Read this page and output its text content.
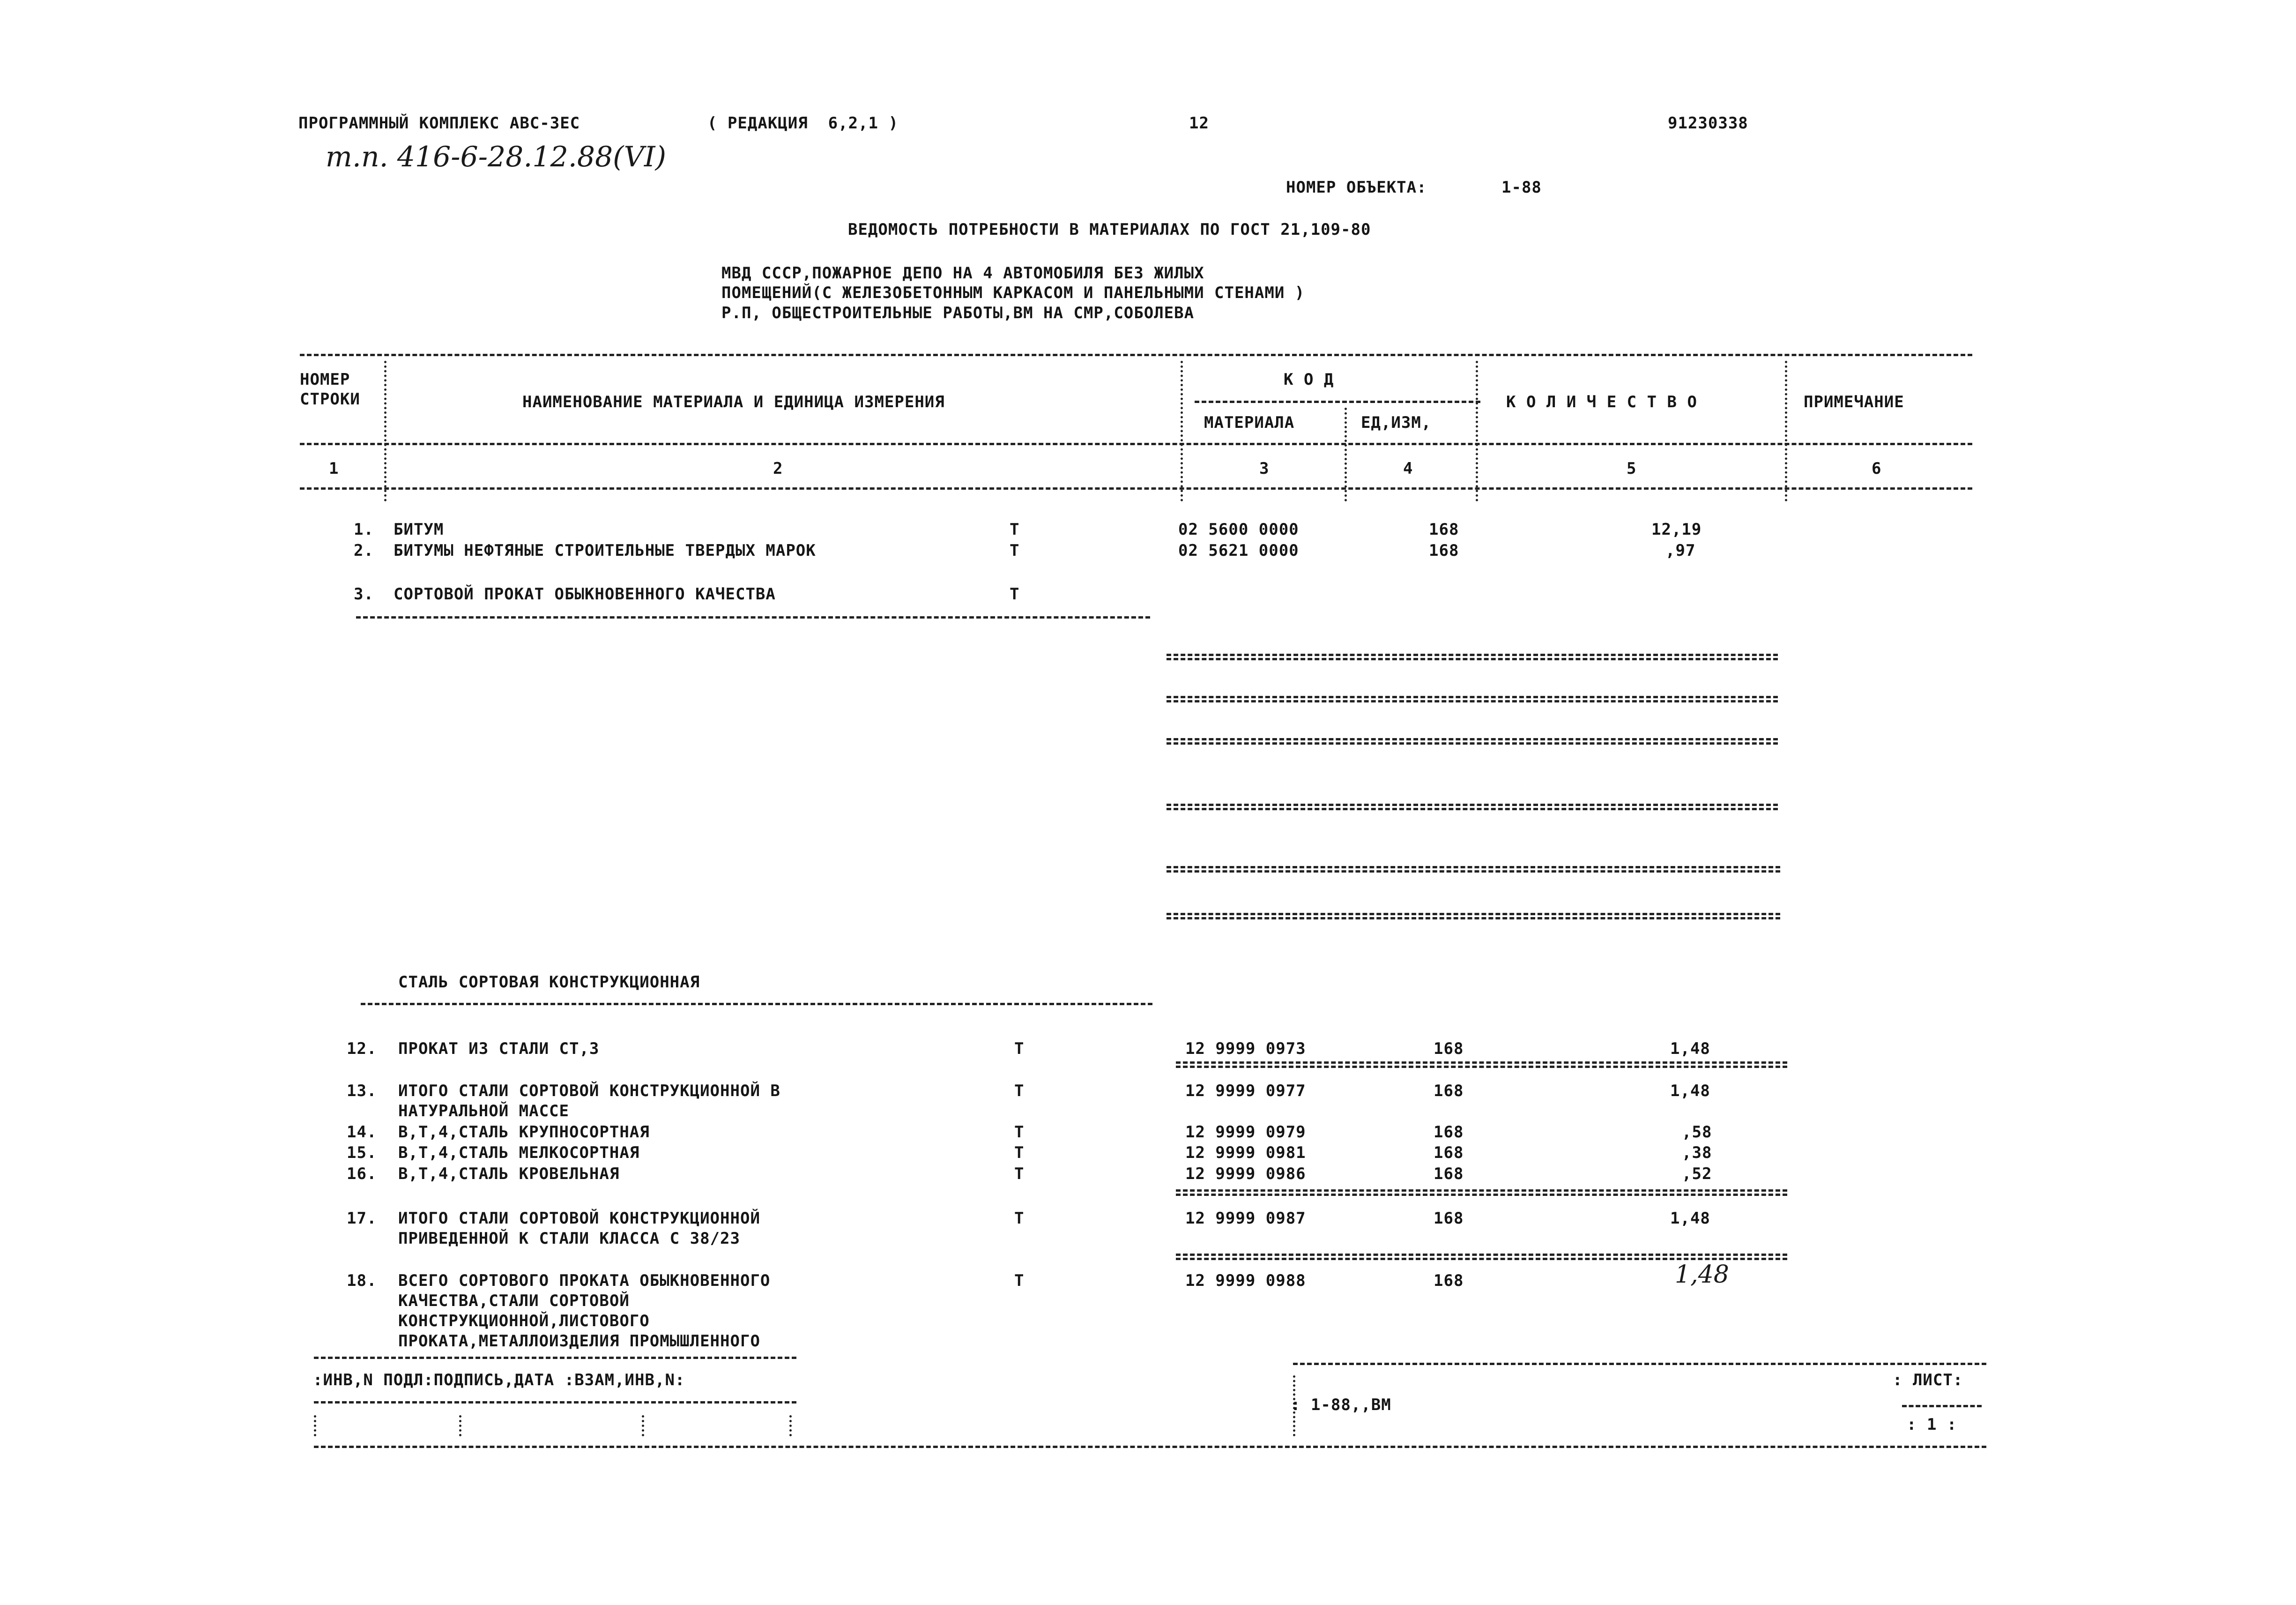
ПРОГРАММНЫЙ КОМПЛЕКС АВС-3ЕС	( РЕДАКЦИЯ  6,2,1 )	12	91230338
т.п. 416-6-28.12.88(VI)
НОМЕР ОБЪЕКТА:	1-88
ВЕДОМОСТЬ ПОТРЕБНОСТИ В МАТЕРИАЛАХ ПО ГОСТ 21,109-80
МВД СССР,ПОЖАРНОЕ ДЕПО НА 4 АВТОМОБИЛЯ БЕЗ ЖИЛЫХ
ПОМЕЩЕНИЙ(С ЖЕЛЕЗОБЕТОННЫМ КАРКАСОМ И ПАНЕЛЬНЫМИ СТЕНАМИ )
Р.П, ОБЩЕСТРОИТЕЛЬНЫЕ РАБОТЫ,ВМ НА СМР,СОБОЛЕВА
НОМЕР
СТРОКИ	НАИМЕНОВАНИЕ МАТЕРИАЛА И ЕДИНИЦА ИЗМЕРЕНИЯ
К О Д
МАТЕРИАЛА	ЕД,ИЗМ,
К О Л И Ч Е С Т В О	ПРИМЕЧАНИЕ
1	2	3	4	5	6
1. БИТУМ	Т	02 5600 0000	168	12,19
2. БИТУМЫ НЕФТЯНЫЕ СТРОИТЕЛЬНЫЕ ТВЕРДЫХ МАРОК	Т	02 5621 0000	168	,97
3. СОРТОВОЙ ПРОКАТ ОБЫКНОВЕННОГО КАЧЕСТВА	Т
СТАЛЬ СОРТОВАЯ КОНСТРУКЦИОННАЯ
12. ПРОКАТ ИЗ СТАЛИ СТ,3	Т	12 9999 0973	168	1,48
13. ИТОГО СТАЛИ СОРТОВОЙ КОНСТРУКЦИОННОЙ В
НАТУРАЛЬНОЙ МАССЕ
Т	12 9999 0977	168	1,48
14. В,Т,4,СТАЛЬ КРУПНОСОРТНАЯ	Т	12 9999 0979	168	,58
15. В,Т,4,СТАЛЬ МЕЛКОСОРТНАЯ	Т	12 9999 0981	168	,38
16. В,Т,4,СТАЛЬ КРОВЕЛЬНАЯ	Т	12 9999 0986	168	,52
17. ИТОГО СТАЛИ СОРТОВОЙ КОНСТРУКЦИОННОЙ
ПРИВЕДЕННОЙ К СТАЛИ КЛАССА С 38/23
Т	12 9999 0987	168	1,48
18. ВСЕГО СОРТОВОГО ПРОКАТА ОБЫКНОВЕННОГО
КАЧЕСТВА,СТАЛИ СОРТОВОЙ
КОНСТРУКЦИОННОЙ,ЛИСТОВОГО
ПРОКАТА,МЕТАЛЛОИЗДЕЛИЯ ПРОМЫШЛЕННОГО
Т	12 9999 0988	168	1,48
:ИНВ,N ПОДЛ:ПОДПИСЬ,ДАТА :ВЗАМ,ИНВ,N:
: 1-88,,ВМ
: ЛИСТ:
: 1 :
